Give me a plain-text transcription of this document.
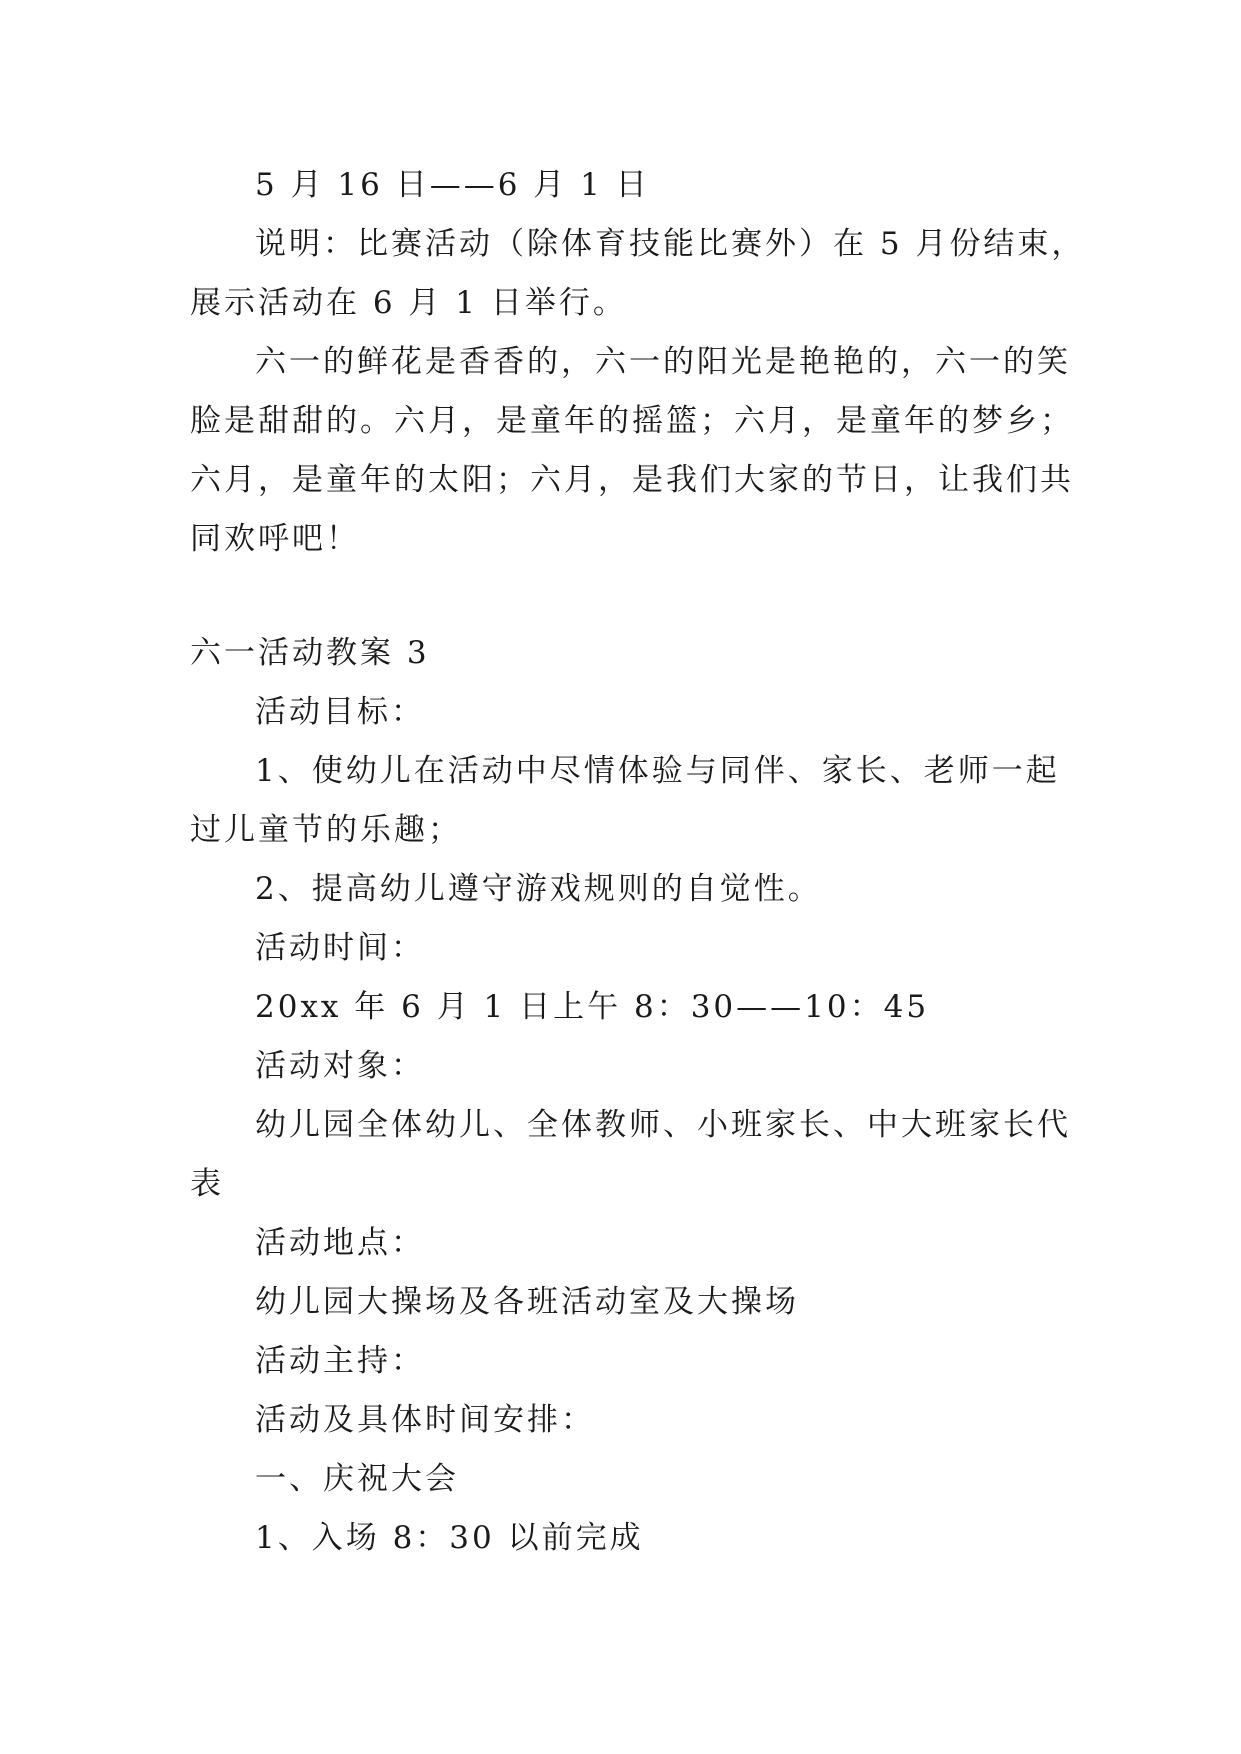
5 月 16 日——6 月 1 日
说明：比赛活动（除体育技能比赛外）在 5 月份结束，
展示活动在 6 月 1 日举行。
六一的鲜花是香香的，六一的阳光是艳艳的，六一的笑
脸是甜甜的。六月，是童年的摇篮；六月，是童年的梦乡；
六月，是童年的太阳；六月，是我们大家的节日，让我们共
同欢呼吧！
六一活动教案 3
活动目标：
1、使幼儿在活动中尽情体验与同伴、家长、老师一起
过儿童节的乐趣；
2、提高幼儿遵守游戏规则的自觉性。
活动时间：
20xx 年 6 月 1 日上午 8：30——10：45
活动对象：
幼儿园全体幼儿、全体教师、小班家长、中大班家长代
表
活动地点：
幼儿园大操场及各班活动室及大操场
活动主持：
活动及具体时间安排：
一、庆祝大会
1、入场 8：30 以前完成
